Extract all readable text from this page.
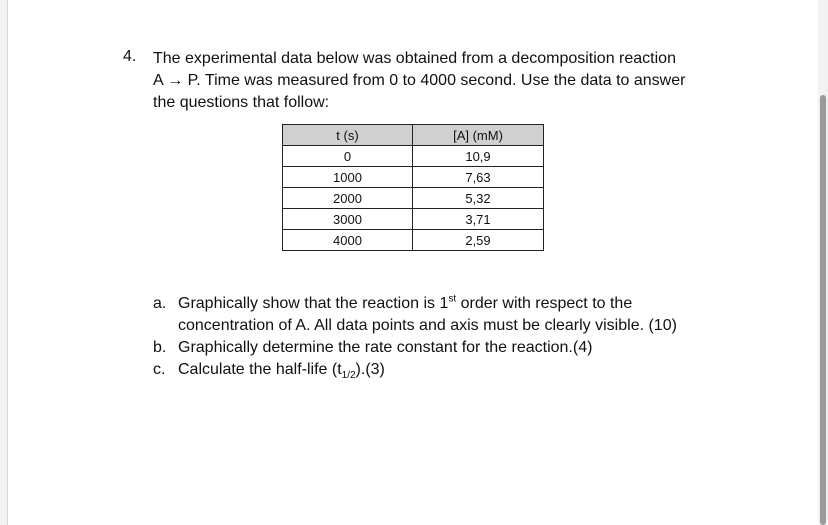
4. The experimental data below was obtained from a decomposition reaction
A → P. Time was measured from 0 to 4000 second. Use the data to answer
the questions that follow:
t (s)	[A] (mM)
0	10,9
1000	7,63
2000	5,32
3000	3,71
4000	2,59
a. Graphically show that the reaction is 1st order with respect to the
concentration of A. All data points and axis must be clearly visible. (10)
b. Graphically determine the rate constant for the reaction.(4)
c. Calculate the half-life $(t_{1/2}).(3)$
